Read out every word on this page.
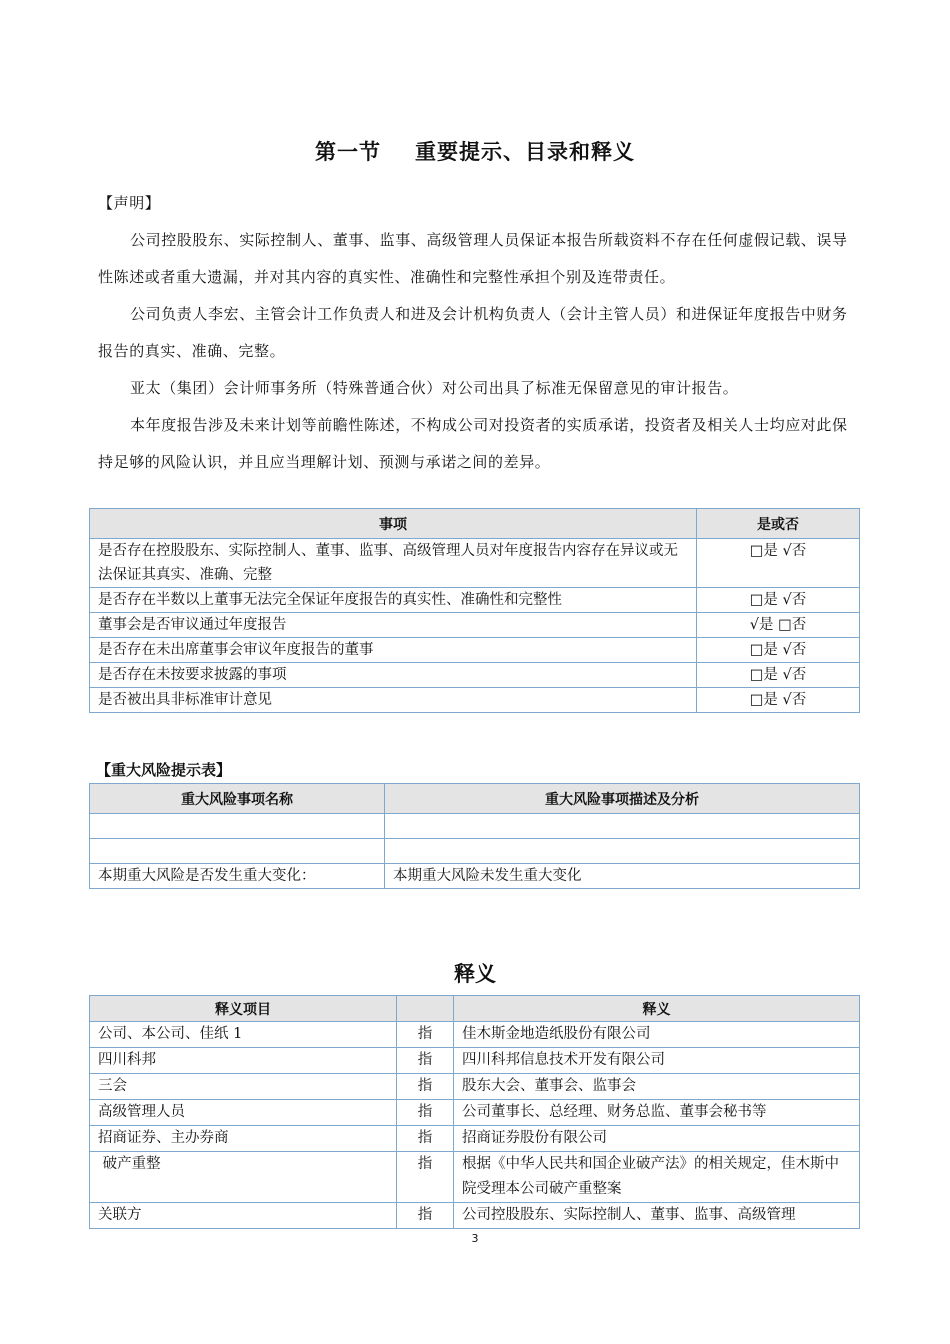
第一节 重要提示、目录和释义
【声明】
公司控股股东、实际控制人、董事、监事、高级管理人员保证本报告所载资料不存在任何虚假记载、误导性陈述或者重大遗漏，并对其内容的真实性、准确性和完整性承担个别及连带责任。
公司负责人李宏、主管会计工作负责人和进及会计机构负责人（会计主管人员）和进保证年度报告中财务报告的真实、准确、完整。
亚太（集团）会计师事务所（特殊普通合伙）对公司出具了标准无保留意见的审计报告。
本年度报告涉及未来计划等前瞻性陈述，不构成公司对投资者的实质承诺，投资者及相关人士均应对此保持足够的风险认识，并且应当理解计划、预测与承诺之间的差异。
事项	是或否
是否存在控股股东、实际控制人、董事、监事、高级管理人员对年度报告内容存在异议或无法保证其真实、准确、完整	□是 √否
是否存在半数以上董事无法完全保证年度报告的真实性、准确性和完整性	□是 √否
董事会是否审议通过年度报告	√是 □否
是否存在未出席董事会审议年度报告的董事	□是 √否
是否存在未按要求披露的事项	□是 √否
是否被出具非标准审计意见	□是 √否
【重大风险提示表】
重大风险事项名称	重大风险事项描述及分析

本期重大风险是否发生重大变化：	本期重大风险未发生重大变化
释义
释义项目		释义
公司、本公司、佳纸 1	指	佳木斯金地造纸股份有限公司
四川科邦	指	四川科邦信息技术开发有限公司
三会	指	股东大会、董事会、监事会
高级管理人员	指	公司董事长、总经理、财务总监、董事会秘书等
招商证券、主办券商	指	招商证券股份有限公司
破产重整	指	根据《中华人民共和国企业破产法》的相关规定，佳木斯中院受理本公司破产重整案
关联方	指	公司控股股东、实际控制人、董事、监事、高级管理
3
